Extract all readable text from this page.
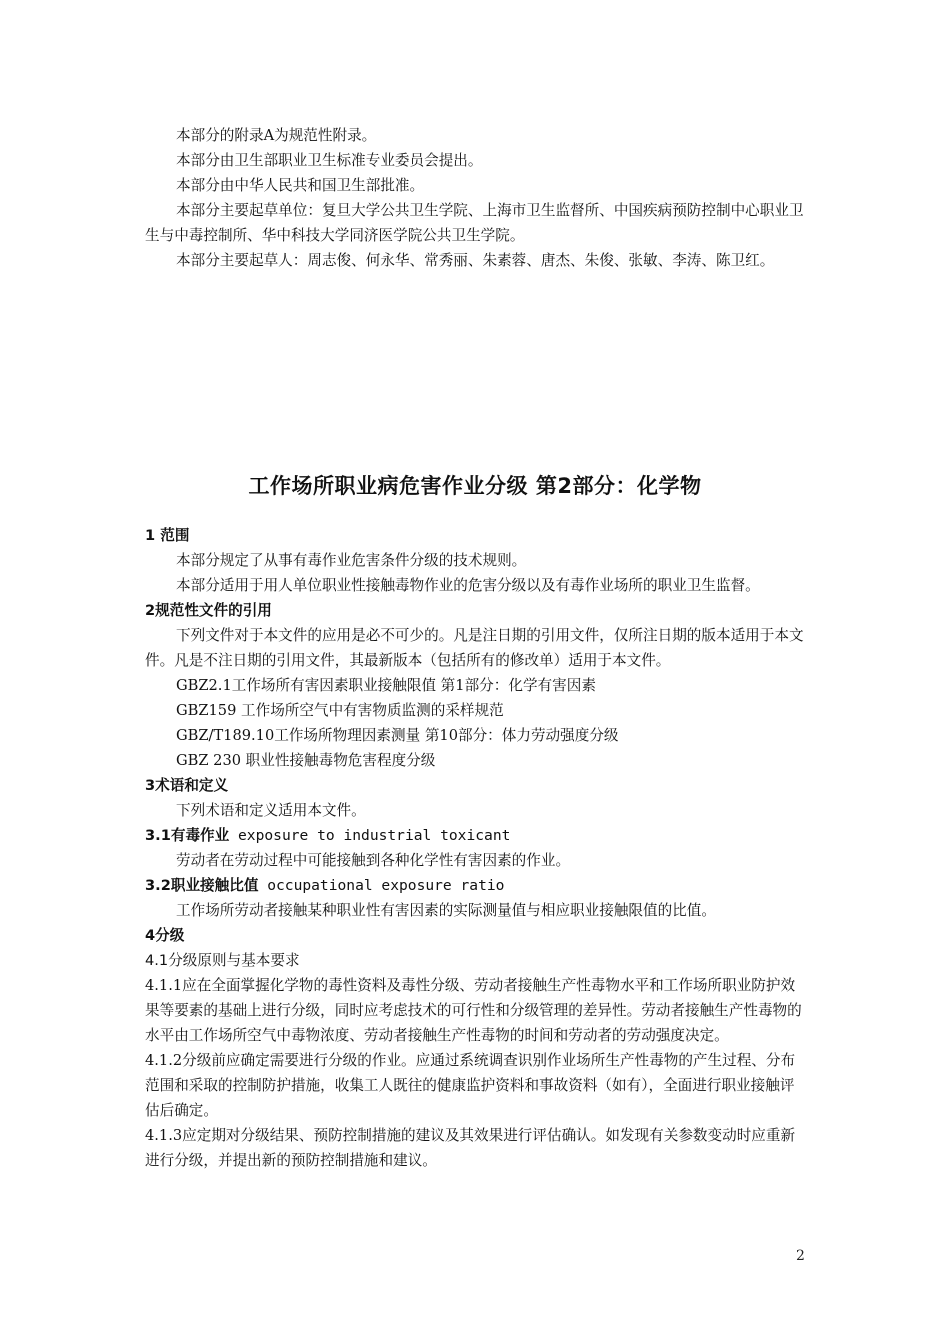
本部分的附录A为规范性附录。

本部分由卫生部职业卫生标准专业委员会提出。

本部分由中华人民共和国卫生部批准。

本部分主要起草单位：复旦大学公共卫生学院、上海市卫生监督所、中国疾病预防控制中心职业卫生与中毒控制所、华中科技大学同济医学院公共卫生学院。

本部分主要起草人：周志俊、何永华、常秀丽、朱素蓉、唐杰、朱俊、张敏、李涛、陈卫红。

工作场所职业病危害作业分级 第2部分：化学物

1 范围

本部分规定了从事有毒作业危害条件分级的技术规则。

本部分适用于用人单位职业性接触毒物作业的危害分级以及有毒作业场所的职业卫生监督。

2规范性文件的引用

下列文件对于本文件的应用是必不可少的。凡是注日期的引用文件，仅所注日期的版本适用于本文件。凡是不注日期的引用文件，其最新版本（包括所有的修改单）适用于本文件。

GBZ2.1工作场所有害因素职业接触限值 第1部分：化学有害因素

GBZ159 工作场所空气中有害物质监测的采样规范

GBZ/T189.10工作场所物理因素测量 第10部分：体力劳动强度分级

GBZ 230 职业性接触毒物危害程度分级

3术语和定义

下列术语和定义适用本文件。

3.1有毒作业 exposure to industrial toxicant

劳动者在劳动过程中可能接触到各种化学性有害因素的作业。

3.2职业接触比值 occupational exposure ratio

工作场所劳动者接触某种职业性有害因素的实际测量值与相应职业接触限值的比值。

4分级

4.1分级原则与基本要求

4.1.1应在全面掌握化学物的毒性资料及毒性分级、劳动者接触生产性毒物水平和工作场所职业防护效果等要素的基础上进行分级，同时应考虑技术的可行性和分级管理的差异性。劳动者接触生产性毒物的水平由工作场所空气中毒物浓度、劳动者接触生产性毒物的时间和劳动者的劳动强度决定。

4.1.2分级前应确定需要进行分级的作业。应通过系统调查识别作业场所生产性毒物的产生过程、分布范围和采取的控制防护措施，收集工人既往的健康监护资料和事故资料（如有），全面进行职业接触评估后确定。

4.1.3应定期对分级结果、预防控制措施的建议及其效果进行评估确认。如发现有关参数变动时应重新进行分级，并提出新的预防控制措施和建议。

2
